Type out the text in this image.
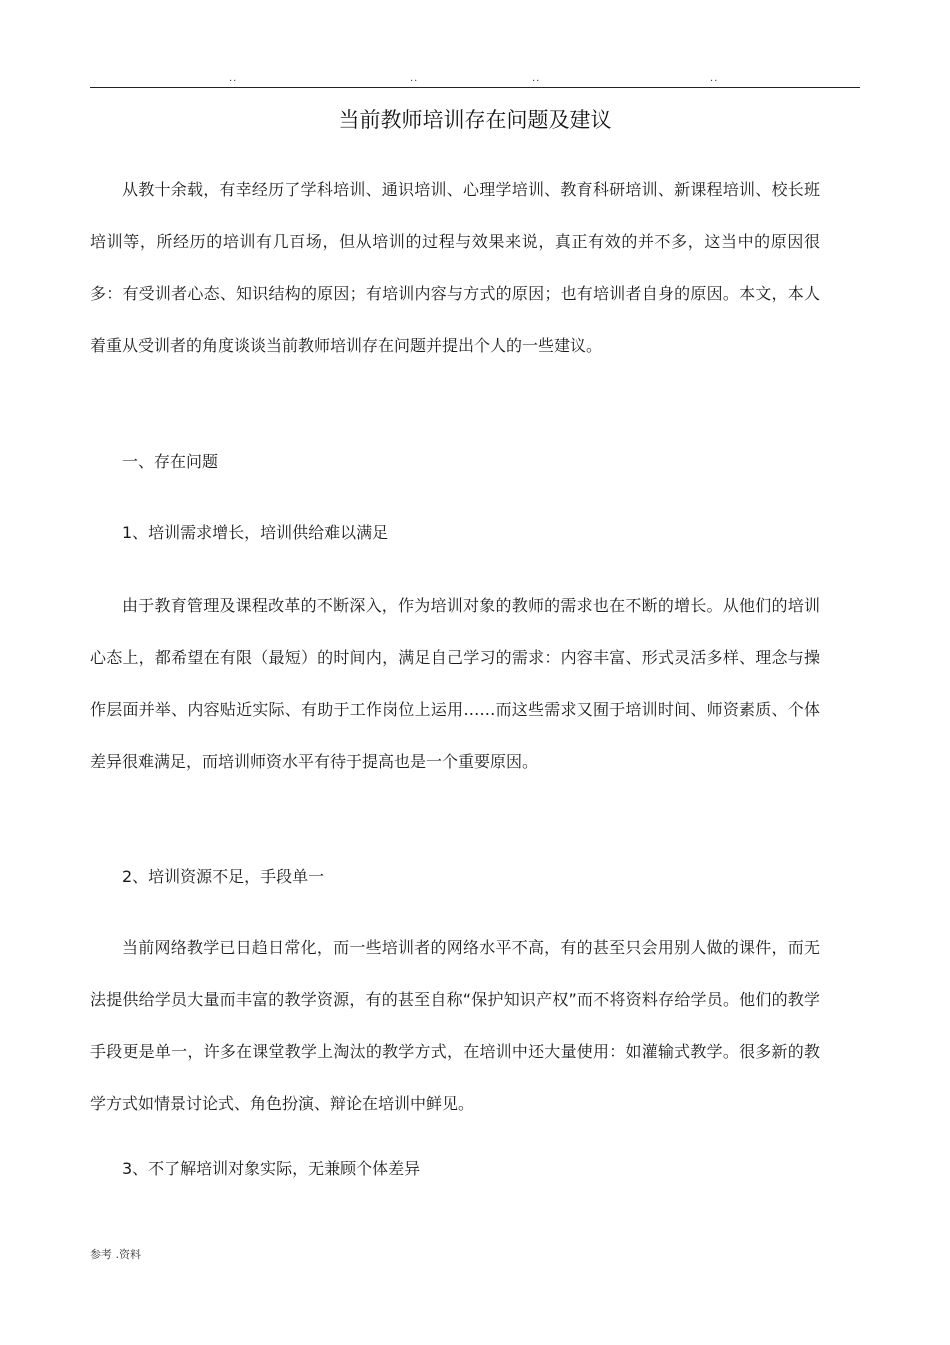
..	..	..	..
当前教师培训存在问题及建议

从教十余载，有幸经历了学科培训、通识培训、心理学培训、教育科研培训、新课程培训、校长班培训等，所经历的培训有几百场，但从培训的过程与效果来说，真正有效的并不多，这当中的原因很多：有受训者心态、知识结构的原因；有培训内容与方式的原因；也有培训者自身的原因。本文，本人着重从受训者的角度谈谈当前教师培训存在问题并提出个人的一些建议。

一、存在问题

1、培训需求增长，培训供给难以满足

由于教育管理及课程改革的不断深入，作为培训对象的教师的需求也在不断的增长。从他们的培训心态上，都希望在有限（最短）的时间内，满足自己学习的需求：内容丰富、形式灵活多样、理念与操作层面并举、内容贴近实际、有助于工作岗位上运用……而这些需求又囿于培训时间、师资素质、个体差异很难满足，而培训师资水平有待于提高也是一个重要原因。

2、培训资源不足，手段单一

当前网络教学已日趋日常化，而一些培训者的网络水平不高，有的甚至只会用别人做的课件，而无法提供给学员大量而丰富的教学资源，有的甚至自称“保护知识产权”而不将资料存给学员。他们的教学手段更是单一，许多在课堂教学上淘汰的教学方式，在培训中还大量使用：如灌输式教学。很多新的教学方式如情景讨论式、角色扮演、辩论在培训中鲜见。

3、不了解培训对象实际，无兼顾个体差异

参考 .资料
